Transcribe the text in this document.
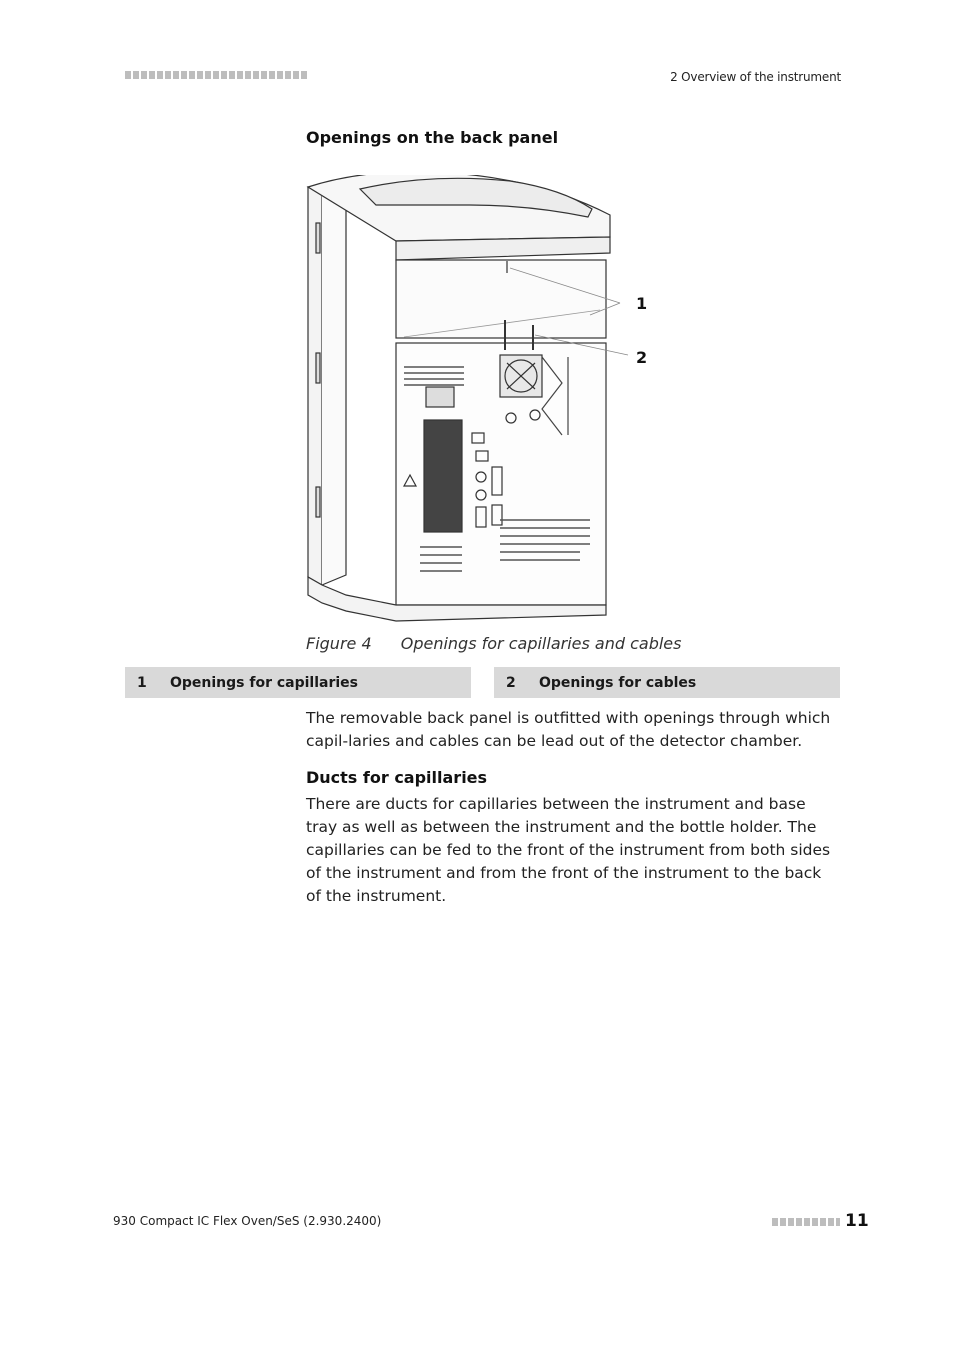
2 Overview of the instrument
Openings on the back panel
1
2
Figure 4 Openings for capillaries and cables
1	Openings for capillaries	2	Openings for cables
The removable back panel is outfitted with openings through which capil-laries and cables can be lead out of the detector chamber.
Ducts for capillaries
There are ducts for capillaries between the instrument and base tray as well as between the instrument and the bottle holder. The capillaries can be fed to the front of the instrument from both sides of the instrument and from the front of the instrument to the back of the instrument.
930 Compact IC Flex Oven/SeS (2.930.2400)	11
